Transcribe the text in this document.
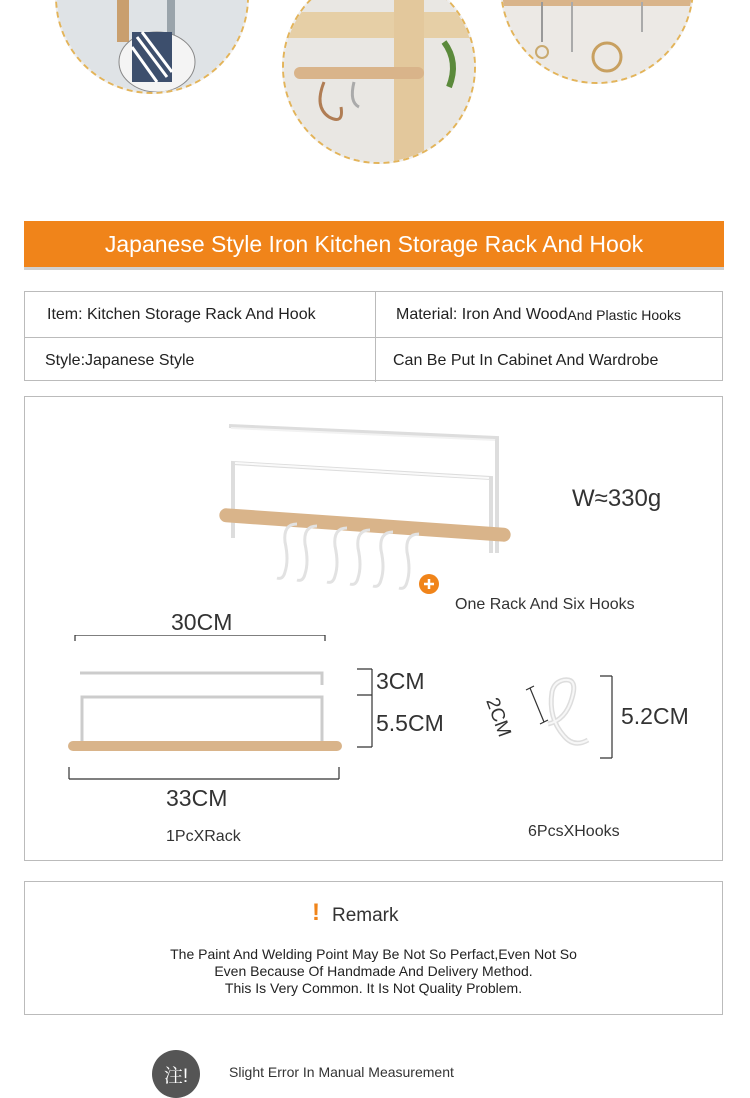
Japanese Style Iron Kitchen Storage Rack And Hook
Item: Kitchen Storage Rack And Hook	Material: Iron And Wood And Plastic Hooks
Style:Japanese Style	Can Be Put In Cabinet And Wardrobe
W≈330g
One Rack And Six Hooks
30CM
3CM
5.5CM
33CM
1PcXRack
2CM	5.2CM
6PcsXHooks
! Remark
The Paint And Welding Point May Be Not So Perfact,Even Not So
Even Because Of Handmade And Delivery Method.
This Is Very Common. It Is Not Quality Problem.
注!	Slight Error In Manual Measurement
